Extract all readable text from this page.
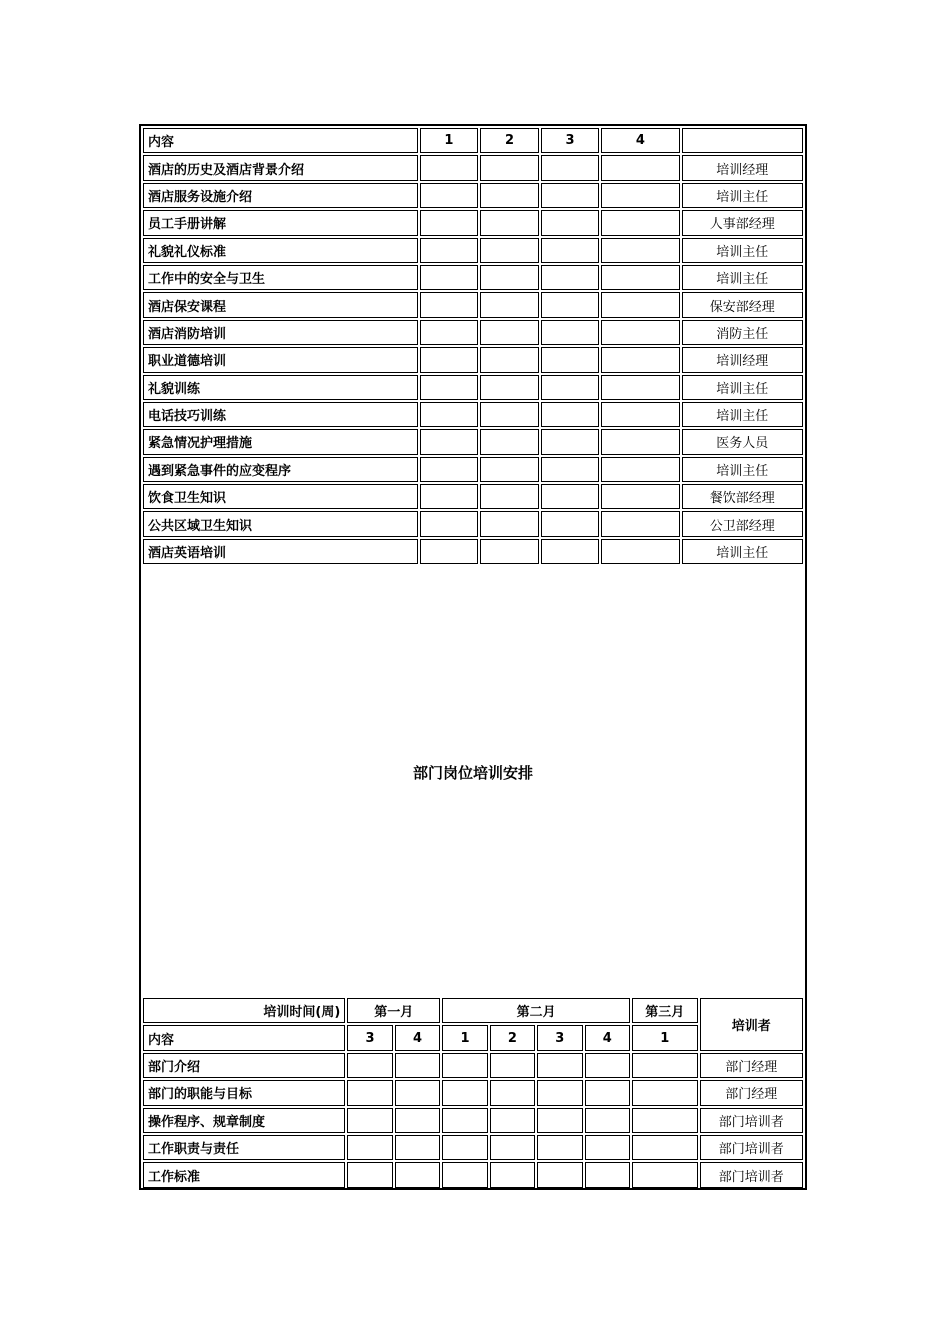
内容	1	2	3	4	
酒店的历史及酒店背景介绍					培训经理
酒店服务设施介绍					培训主任
员工手册讲解					人事部经理
礼貌礼仪标准					培训主任
工作中的安全与卫生					培训主任
酒店保安课程					保安部经理
酒店消防培训					消防主任
职业道德培训					培训经理
礼貌训练					培训主任
电话技巧训练					培训主任
紧急情况护理措施					医务人员
遇到紧急事件的应变程序					培训主任
饮食卫生知识					餐饮部经理
公共区域卫生知识					公卫部经理
酒店英语培训					培训主任
部门岗位培训安排
培训时间(周)	第一月		第二月				第三月	培训者
内容	3	4	1	2	3	4	1	
部门介绍								部门经理
部门的职能与目标								部门经理
操作程序、规章制度								部门培训者
工作职责与责任								部门培训者
工作标准								部门培训者
